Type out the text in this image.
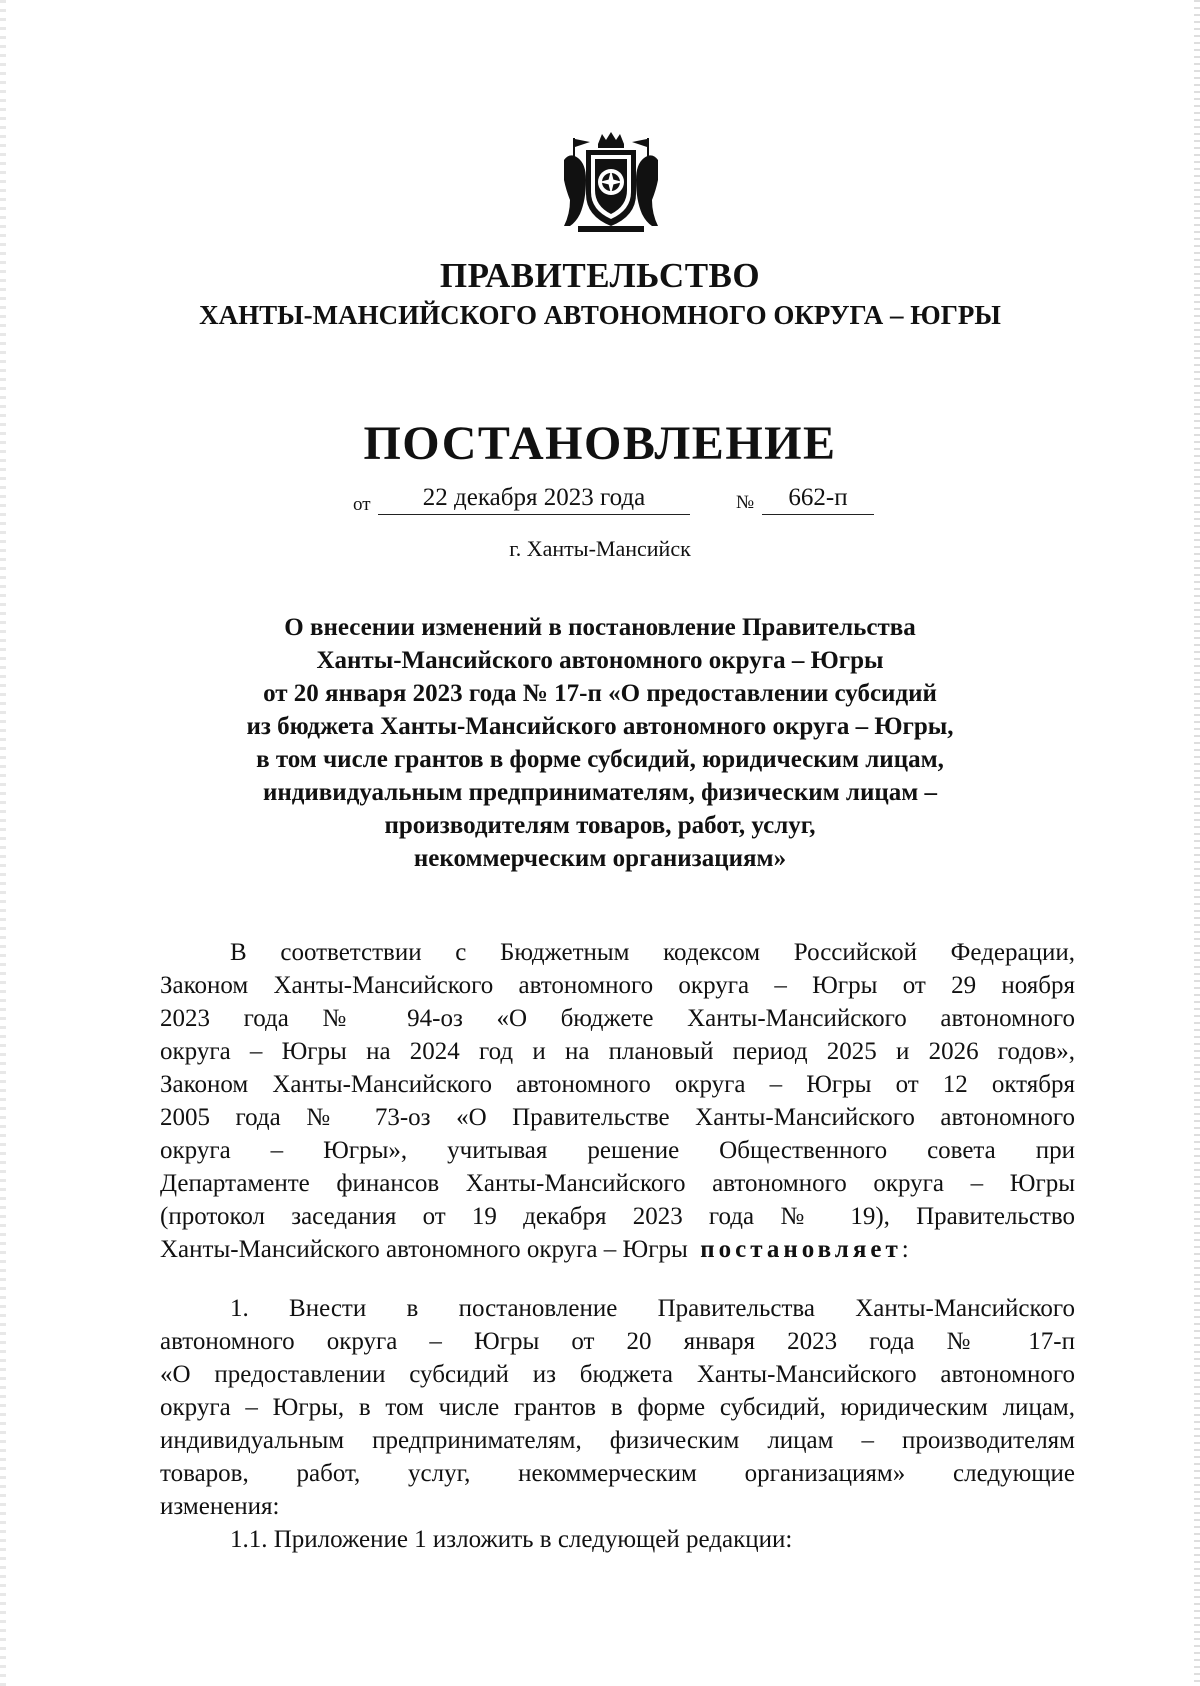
ПРАВИТЕЛЬСТВО
ХАНТЫ-МАНСИЙСКОГО АВТОНОМНОГО ОКРУГА – ЮГРЫ
ПОСТАНОВЛЕНИЕ
от	22 декабря 2023 года	№	662-п
г. Ханты-Мансийск
О внесении изменений в постановление Правительства
Ханты-Мансийского автономного округа – Югры
от 20 января 2023 года № 17-п «О предоставлении субсидий
из бюджета Ханты-Мансийского автономного округа – Югры,
в том числе грантов в форме субсидий, юридическим лицам,
индивидуальным предпринимателям, физическим лицам –
производителям товаров, работ, услуг,
некоммерческим организациям»
В соответствии с Бюджетным кодексом Российской Федерации,
Законом Ханты-Мансийского автономного округа – Югры от 29 ноября
2023 года № 94-оз «О бюджете Ханты-Мансийского автономного
округа – Югры на 2024 год и на плановый период 2025 и 2026 годов»,
Законом Ханты-Мансийского автономного округа – Югры от 12 октября
2005 года № 73-оз «О Правительстве Ханты-Мансийского автономного
округа – Югры», учитывая решение Общественного совета при
Департаменте финансов Ханты-Мансийского автономного округа – Югры
(протокол заседания от 19 декабря 2023 года № 19), Правительство
Ханты-Мансийского автономного округа – Югры постановляет:
1. Внести в постановление Правительства Ханты-Мансийского
автономного округа – Югры от 20 января 2023 года № 17-п
«О предоставлении субсидий из бюджета Ханты-Мансийского автономного
округа – Югры, в том числе грантов в форме субсидий, юридическим лицам,
индивидуальным предпринимателям, физическим лицам – производителям
товаров, работ, услуг, некоммерческим организациям» следующие
изменения:
1.1. Приложение 1 изложить в следующей редакции:
